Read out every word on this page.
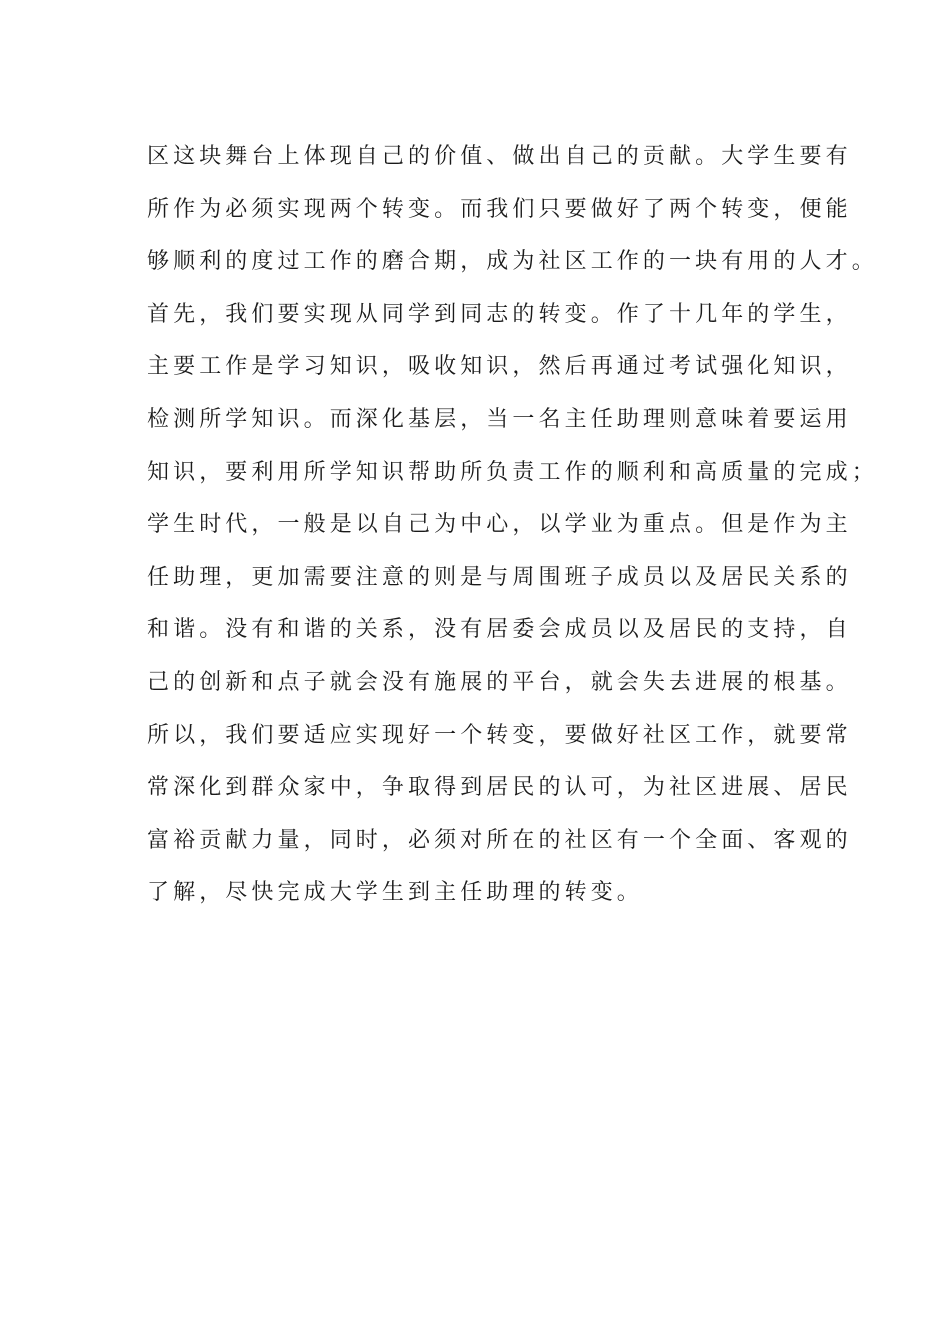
区这块舞台上体现自己的价值、做出自己的贡献。大学生要有

所作为必须实现两个转变。而我们只要做好了两个转变，便能

够顺利的度过工作的磨合期，成为社区工作的一块有用的人才。

首先，我们要实现从同学到同志的转变。作了十几年的学生，

主要工作是学习知识，吸收知识，然后再通过考试强化知识，

检测所学知识。而深化基层，当一名主任助理则意味着要运用

知识，要利用所学知识帮助所负责工作的顺利和高质量的完成；

学生时代，一般是以自己为中心，以学业为重点。但是作为主

任助理，更加需要注意的则是与周围班子成员以及居民关系的

和谐。没有和谐的关系，没有居委会成员以及居民的支持，自

己的创新和点子就会没有施展的平台，就会失去进展的根基。

所以，我们要适应实现好一个转变，要做好社区工作，就要常

常深化到群众家中，争取得到居民的认可，为社区进展、居民

富裕贡献力量，同时，必须对所在的社区有一个全面、客观的

了解，尽快完成大学生到主任助理的转变。
